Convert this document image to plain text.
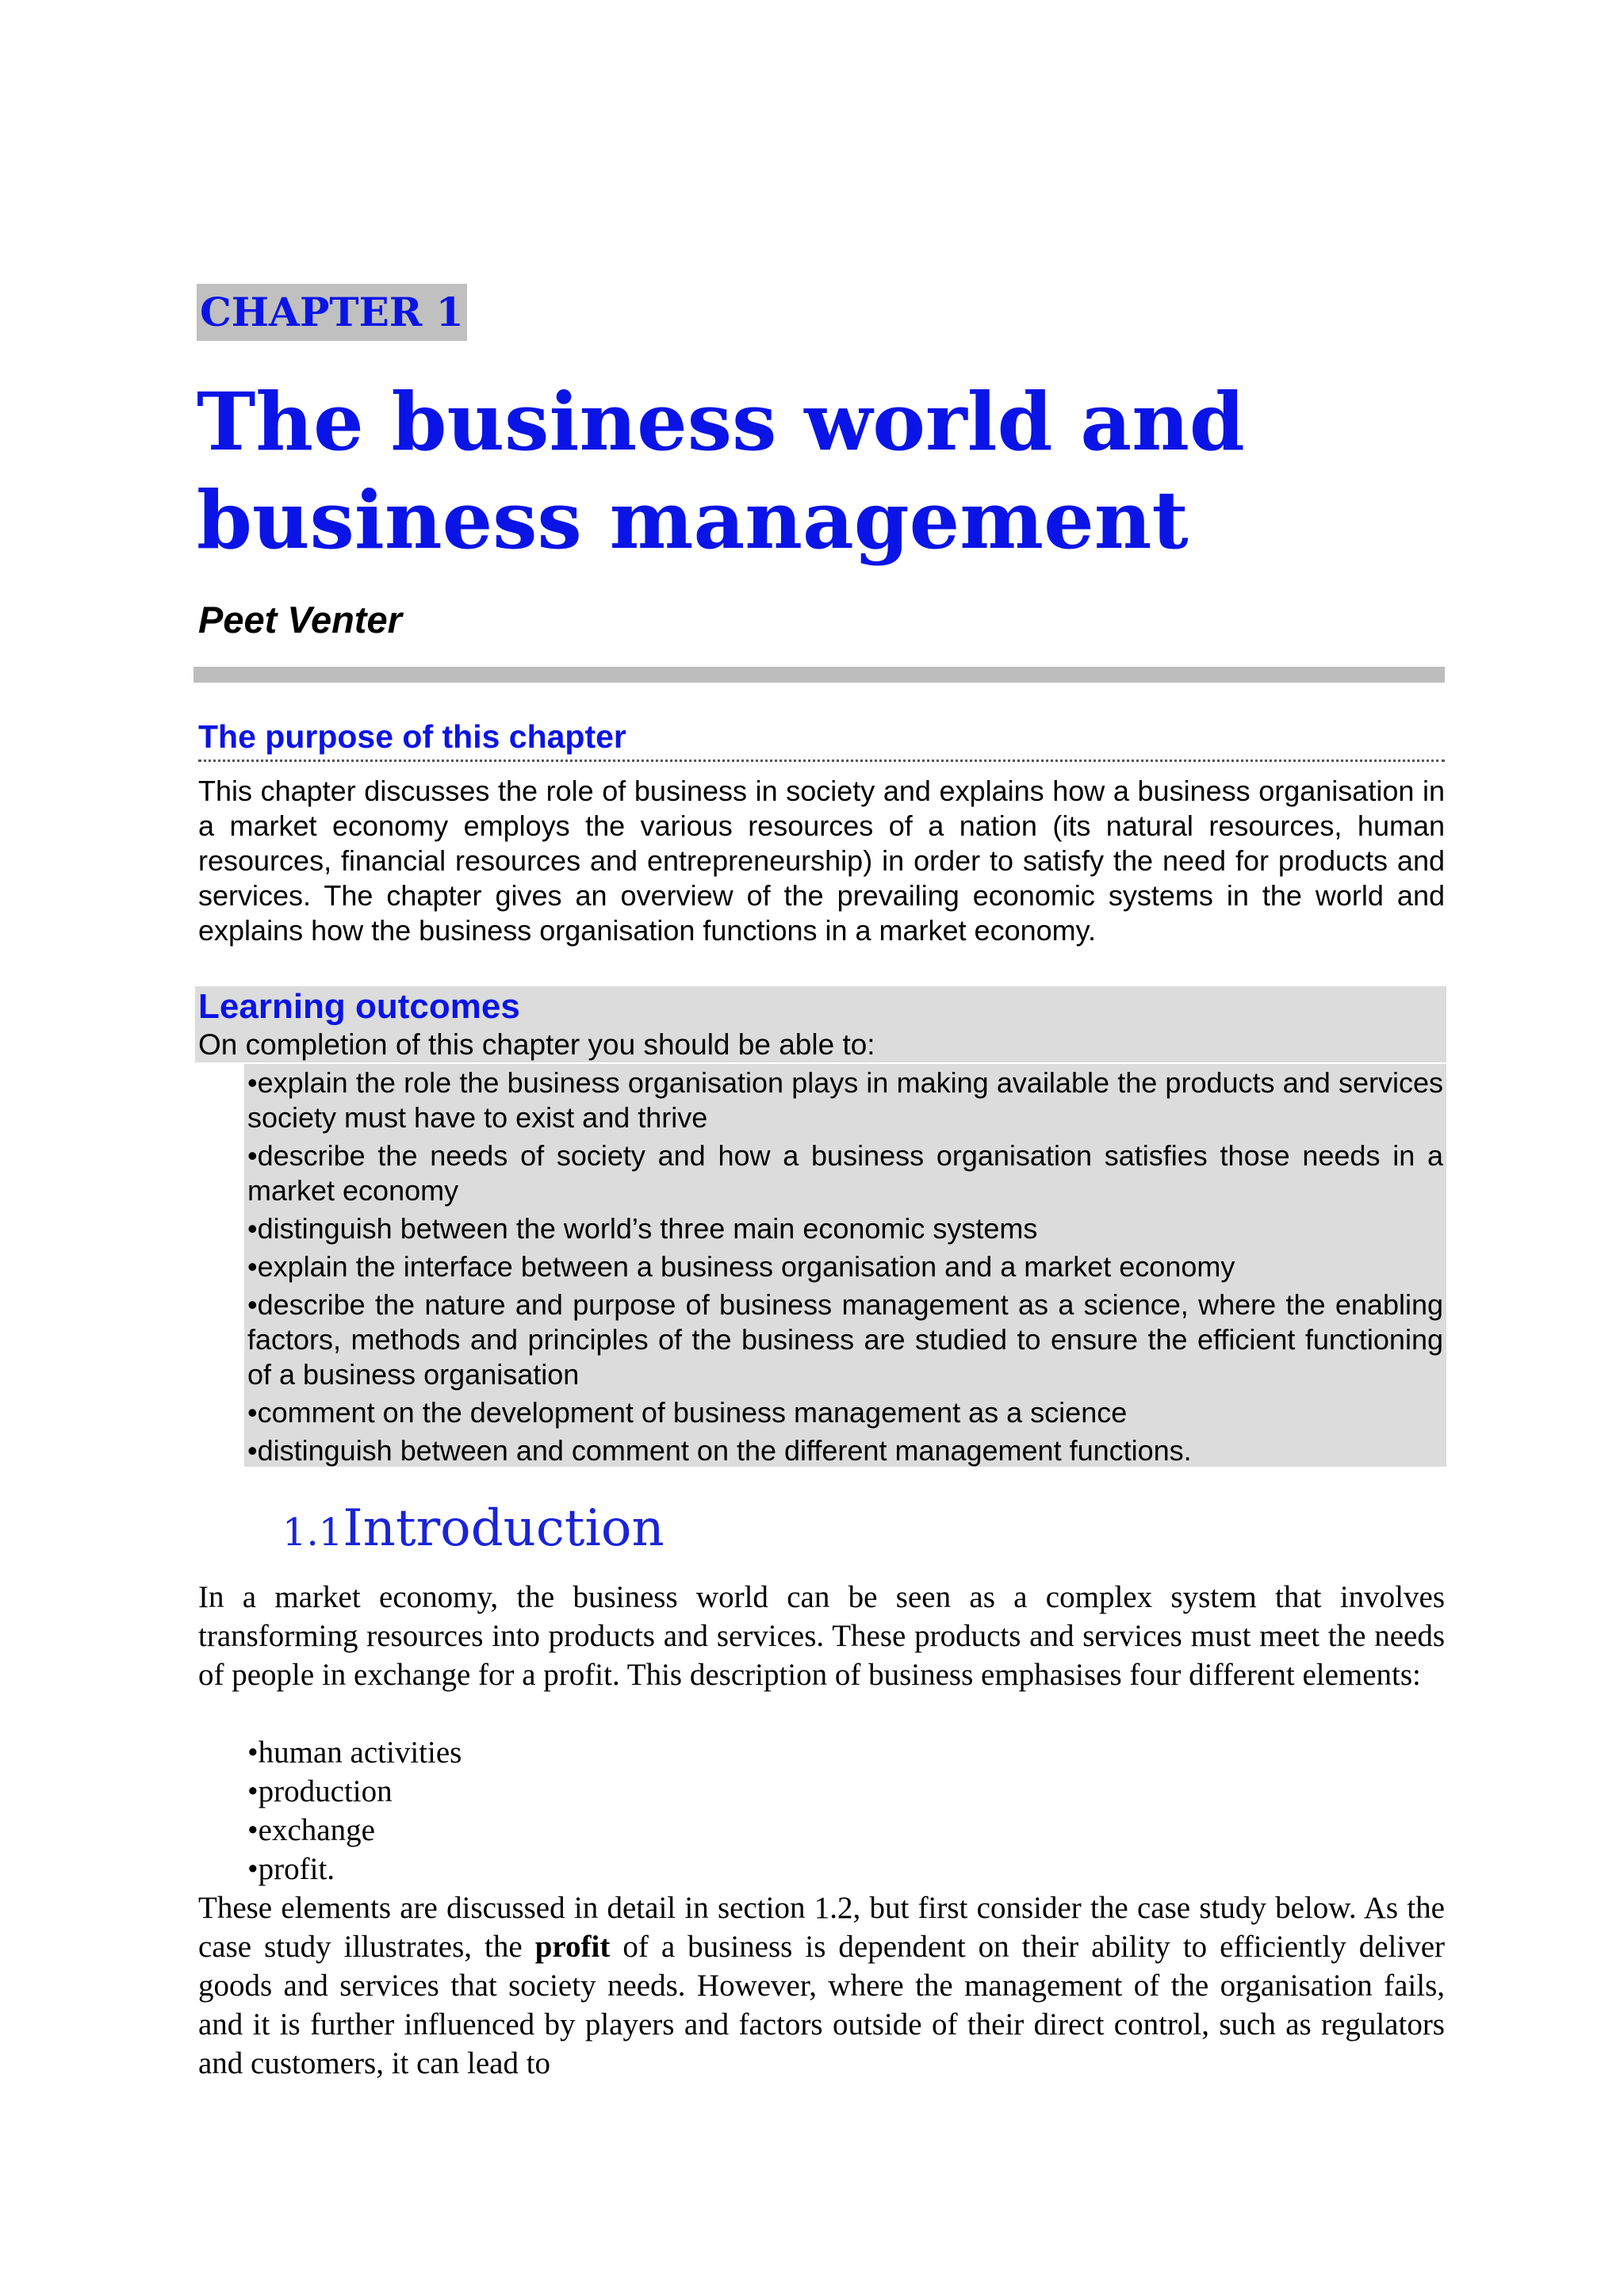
CHAPTER 1
The business world and
business management
Peet Venter
The purpose of this chapter

This chapter discusses the role of business in society and explains how a business organisation in a market economy employs the various resources of a nation (its natural resources, human resources, financial resources and entrepreneurship) in order to satisfy the need for products and services. The chapter gives an overview of the prevailing economic systems in the world and explains how the business organisation functions in a market economy.

Learning outcomes

On completion of this chapter you should be able to:

•explain the role the business organisation plays in making available the products and services society must have to exist and thrive
•describe the needs of society and how a business organisation satisfies those needs in a market economy
•distinguish between the world’s three main economic systems
•explain the interface between a business organisation and a market economy
•describe the nature and purpose of business management as a science, where the enabling factors, methods and principles of the business are studied to ensure the efficient functioning of a business organisation
•comment on the development of business management as a science
•distinguish between and comment on the different management functions.
1.1Introduction

In a market economy, the business world can be seen as a complex system that involves transforming resources into products and services. These products and services must meet the needs of people in exchange for a profit. This description of business emphasises four different elements:

•human activities
•production
•exchange
•profit.

These elements are discussed in detail in section 1.2, but first consider the case study below. As the case study illustrates, the profit of a business is dependent on their ability to efficiently deliver goods and services that society needs. However, where the management of the organisation fails, and it is further influenced by players and factors outside of their direct control, such as regulators and customers, it can lead to
